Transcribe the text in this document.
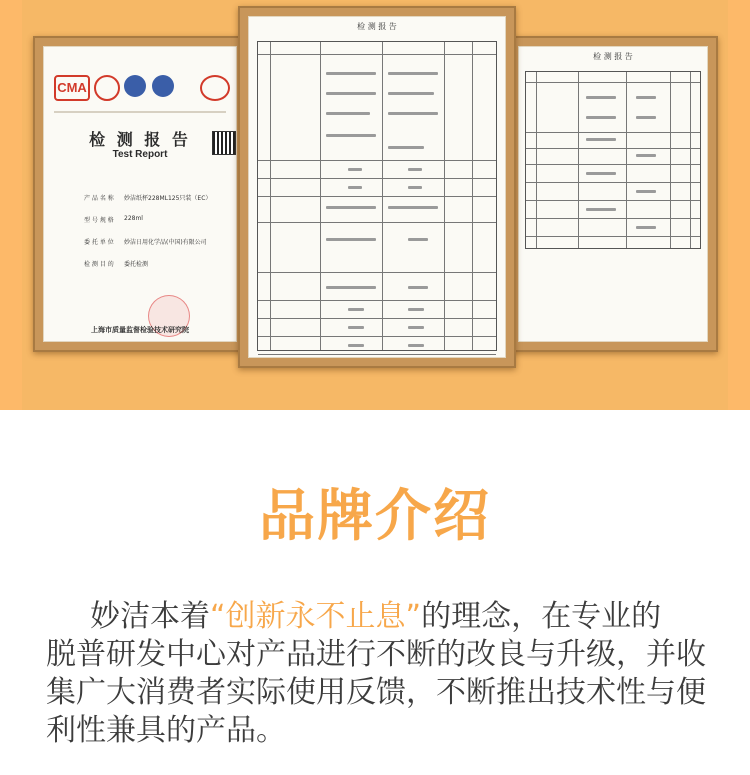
CMA
检 测 报 告
Test Report
产 品 名 称 妙洁纸杯228ML125只装（EC）
型 号 规 格 228ml
委 托 单 位 妙洁日用化学品(中国)有限公司
检 测 目 的 委托检测
上海市质量监督检验技术研究院
检 测 报 告
检 测 报 告
品牌介绍
妙洁本着“创新永不止息”的理念，在专业的
脱普研发中心对产品进行不断的改良与升级，并收
集广大消费者实际使用反馈，不断推出技术性与便
利性兼具的产品。
